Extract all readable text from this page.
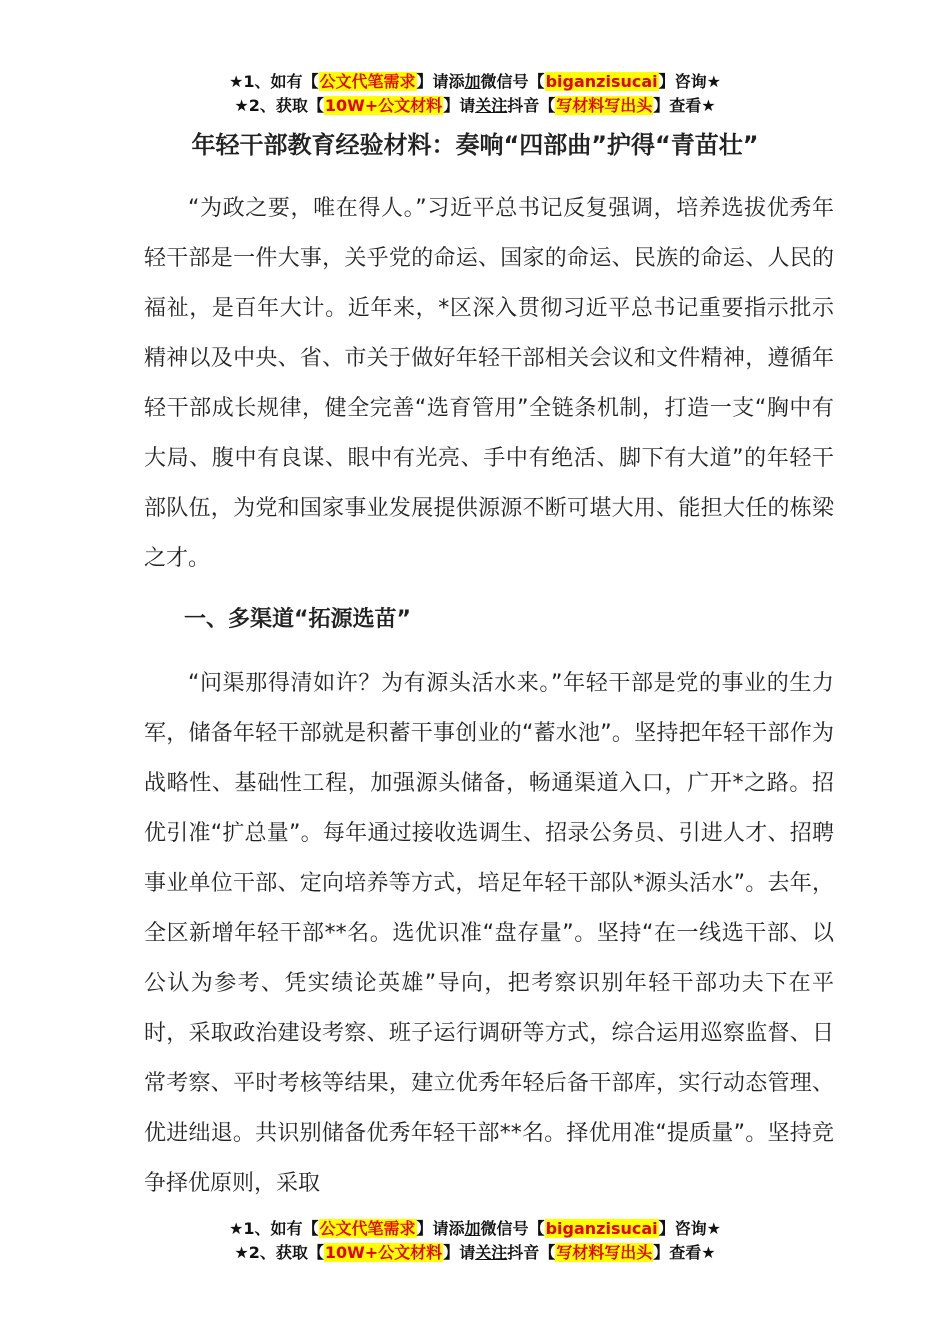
★1、如有【公文代笔需求】请添加微信号【biganzisucai】咨询★
★2、获取【10W+公文材料】请关注抖音【写材料写出头】查看★
年轻干部教育经验材料：奏响“四部曲”护得“青苗壮”

“为政之要，唯在得人。”习近平总书记反复强调，培养选拔优秀年轻干部是一件大事，关乎党的命运、国家的命运、民族的命运、人民的福祉，是百年大计。近年来，*区深入贯彻习近平总书记重要指示批示精神以及中央、省、市关于做好年轻干部相关会议和文件精神，遵循年轻干部成长规律，健全完善“选育管用”全链条机制，打造一支“胸中有大局、腹中有良谋、眼中有光亮、手中有绝活、脚下有大道”的年轻干部队伍，为党和国家事业发展提供源源不断可堪大用、能担大任的栋梁之才。

一、多渠道“拓源选苗”

“问渠那得清如许？为有源头活水来。”年轻干部是党的事业的生力军，储备年轻干部就是积蓄干事创业的“蓄水池”。坚持把年轻干部作为战略性、基础性工程，加强源头储备，畅通渠道入口，广开*之路。招优引准“扩总量”。每年通过接收选调生、招录公务员、引进人才、招聘事业单位干部、定向培养等方式，培足年轻干部队*源头活水”。去年，全区新增年轻干部**名。选优识准“盘存量”。坚持“在一线选干部、以公认为参考、凭实绩论英雄”导向，把考察识别年轻干部功夫下在平时，采取政治建设考察、班子运行调研等方式，综合运用巡察监督、日常考察、平时考核等结果，建立优秀年轻后备干部库，实行动态管理、优进绌退。共识别储备优秀年轻干部**名。择优用准“提质量”。坚持竞争择优原则，采取

★1、如有【公文代笔需求】请添加微信号【biganzisucai】咨询★
★2、获取【10W+公文材料】请关注抖音【写材料写出头】查看★
